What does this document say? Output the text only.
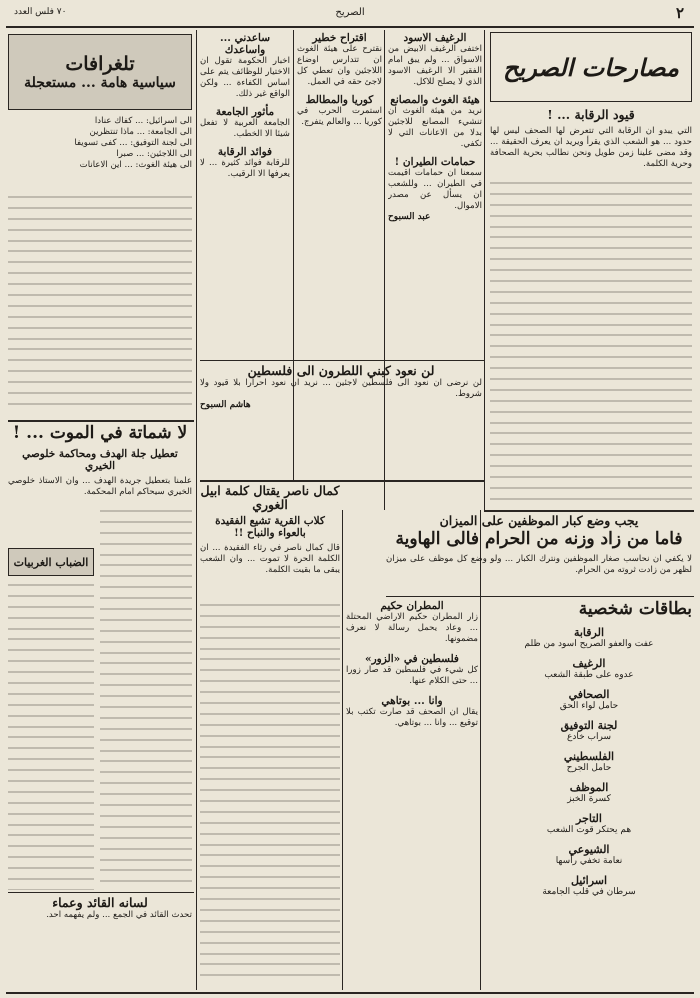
٢
الصريح
٧٠ فلس العدد
مصارحات الصريح
قيود الرقابة ... !
التي يبدو ان الرقابة التي تتعرض لها الصحف ليس لها حدود ... هو الشعب الذي يقرأ ويريد ان يعرف الحقيقة ... وقد مضى علينا زمن طويل ونحن نطالب بحرية الصحافة وحرية الكلمة.
يجب وضع كبار الموظفين على الميزان
فاما من زاد وزنه من الحرام فالى الهاوية
لا يكفي ان نحاسب صغار الموظفين ونترك الكبار ... ولو وضع كل موظف على ميزان لظهر من زادت ثروته من الحرام.
بطاقات شخصية
الرقابة
عفت والعفو الصريح اسود من ظلم
الرغيف
عدوه على طبقة الشعب
الصحافي
حامل لواء الحق
لجنة التوفيق
سراب خادع
الفلسطيني
حامل الجرح
الموظف
كسرة الخبز
التاجر
هم يحتكر قوت الشعب
الشيوعي
نعامة تخفي رأسها
اسرائيل
سرطان في قلب الجامعة
الرغيف الاسود
اختفى الرغيف الابيض من الاسواق ... ولم يبق امام الفقير الا الرغيف الاسود الذي لا يصلح للاكل.
هيئة الغوث والمصانع
نريد من هيئة الغوث ان تنشيء المصانع للاجئين بدلا من الاعانات التي لا تكفي.
حمامات الطيران !
سمعنا ان حمامات اقيمت في الطيران ... وللشعب ان يسأل عن مصدر الاموال.
عبد السبوح
اقتراح خطير
نقترح على هيئة الغوث ان تتدارس اوضاع اللاجئين وان تعطي كل لاجئ حقه في العمل.
كوريا والمطالط
استمرت الحرب في كوريا ... والعالم يتفرج.
ساعدني ... واساعدك
اخبار الحكومة تقول ان الاختيار للوظائف يتم على اساس الكفاءة ... ولكن الواقع غير ذلك.
مأثور الجامعة
الجامعة العربية لا تفعل شيئا الا الخطب.
فوائد الرقابة
للرقابة فوائد كثيرة ... لا يعرفها الا الرقيب.
لن نعود كبني اللطرون الى فلسطين
لن نرضى ان نعود الى فلسطين لاجئين ... نريد ان نعود احرارا بلا قيود ولا شروط.
هاشم السبوح
كمال ناصر يقتال كلمة ابيل الغوري
كلاب القرية تشيع الفقيدة بالعواء والنباح !!
قال كمال ناصر في رثاء الفقيدة ... ان الكلمة الحرة لا تموت ... وان الشعب يبقى ما بقيت الكلمة.
المطران حكيم
زار المطران حكيم الاراضي المحتلة ... وعاد يحمل رسالة لا نعرف مضمونها.
فلسطين في «الزور»
كل شيء في فلسطين قد صار زورا ... حتى الكلام عنها.
وانا ... بوتاهي
يقال ان الصحف قد صارت تكتب بلا توقيع ... وانا ... بوتاهي.
تلغرافات
سياسية هامة ... مستعجلة
الى اسرائيل: ... كفاك عنادا
الى الجامعة: ... ماذا تنتظرين
الى لجنة التوفيق: ... كفى تسويفا
الى اللاجئين: ... صبرا
الى هيئة الغوث: ... اين الاعانات
لا شماتة في الموت ... !
تعطيل جلة الهدف ومحاكمة خلوصي الخيري
علمنا بتعطيل جريدة الهدف ... وان الاستاذ خلوصي الخيري سيحاكم امام المحكمة.
الضباب الغربيات
لسانه القائد وعماء
تحدث القائد في الجمع ... ولم يفهمه احد.
